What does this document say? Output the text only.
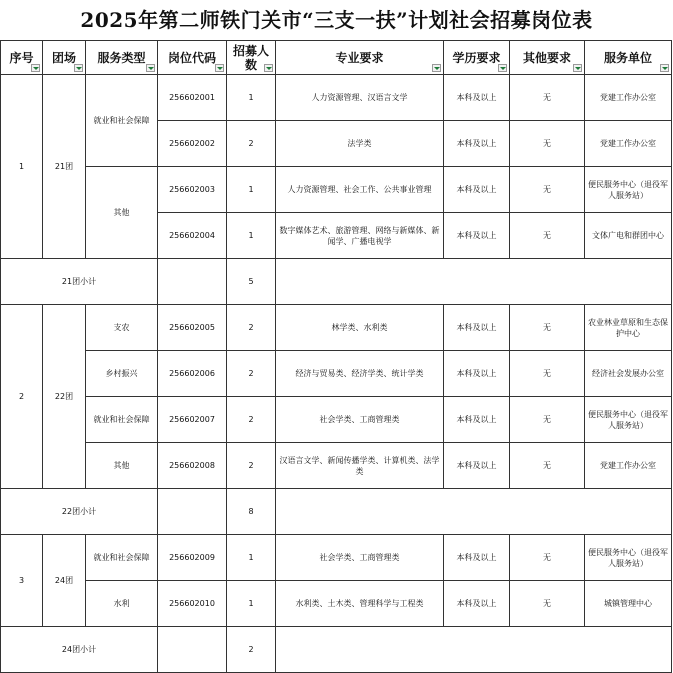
2025年第二师铁门关市“三支一扶”计划社会招募岗位表
序号	团场	服务类型	岗位代码	招募人数	专业要求	学历要求	其他要求	服务单位

1	21团	就业和社会保障	256602001	1	人力资源管理、汉语言文学	本科及以上	无	党建工作办公室
			256602002	2	法学类	本科及以上	无	党建工作办公室
		其他	256602003	1	人力资源管理、社会工作、公共事业管理	本科及以上	无	便民服务中心（退役军人服务站）
			256602004	1	数字媒体艺术、旅游管理、网络与新媒体、新闻学、广播电视学	本科及以上	无	文体广电和群团中心
21团小计				5				
2	22团	支农	256602005	2	林学类、水利类	本科及以上	无	农业林业草原和生态保护中心
		乡村振兴	256602006	2	经济与贸易类、经济学类、统计学类	本科及以上	无	经济社会发展办公室
		就业和社会保障	256602007	2	社会学类、工商管理类	本科及以上	无	便民服务中心（退役军人服务站）
		其他	256602008	2	汉语言文学、新闻传播学类、计算机类、法学类	本科及以上	无	党建工作办公室
22团小计				8				
3	24团	就业和社会保障	256602009	1	社会学类、工商管理类	本科及以上	无	便民服务中心（退役军人服务站）
		水利	256602010	1	水利类、土木类、管理科学与工程类	本科及以上	无	城镇管理中心
24团小计				2				
